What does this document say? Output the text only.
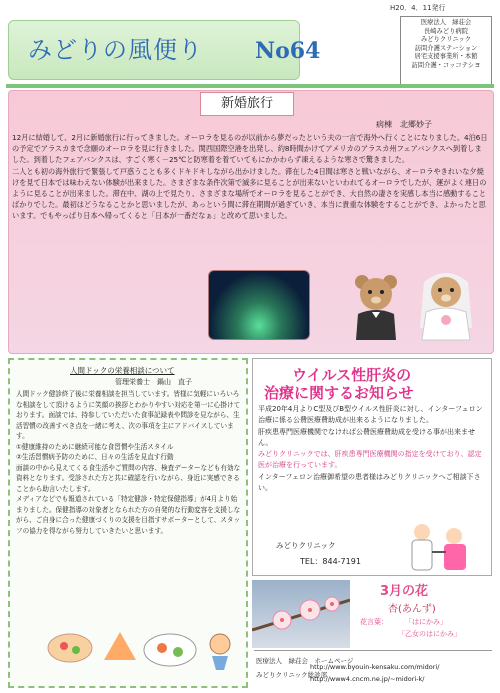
H20．4．11発行
みどりの風便り No64
医療法人　緑荘会
長崎みどり病院
みどりクリニック
訪問介護ステーション
居宅支援事業所・本館
訪問介護・コッコテシヨ
新婚旅行
病棟　北郷妙子

12月に結婚して、2月に新婚旅行に行ってきました。オーロラを見るのが以前から夢だったという夫の一言で海外へ行くことになりました。4泊6日の予定でアラスカまで念願のオーロラを見に行きました。関西国際空港を出発し、約8時間かけてアメリカのアラスカ州フェアバンクスへ到着しました。到着したフェアバンクスは、すごく寒く－25℃と防寒着を着ていてもにかかわらず凍えるような寒さで驚きました。

二人とも初の海外旅行で緊張して戸惑うことも多くドキドキしながら出かけました。滞在した4日間は寒さと戦いながら、オーロラやきれいな夕焼けを見て日本では味わえない体験が出来ました。さまざまな条件次第で滅多に見ることが出来ないといわれてるオーロラでしたが、運がよく連日のように見ることが出来ました。滞在中、湖の上で見たり、さまざまな場所でオーロラを見ることができ、大自然の凄さを実感し本当に感動することばかりでした。最初はどうなることかと思いましたが、あっという間に滞在期間が過ぎていき、本当に貴重な体験をすることができ、よかったと思います。でもやっぱり日本へ帰ってくると「日本が一番だなぁ」と改めて思いました。

人間ドックの栄養相談について
管理栄養士　鍋山　直子

人間ドック健診終了後に栄養相談を担当しています。皆様に気軽にいろいろな相談をして頂けるように笑顔の挨拶とわかりやすい対応を第一に心掛けております。面談では、持参していただいた食事記録表や問診を見ながら、生活習慣の改善すべき点を一緒に考え、次の事項を主にアドバイスしています。

①健康維持のために継続可能な食習慣や生活スタイル

②生活習慣病予防のために、日々の生活を見直す行動

面談の中から見えてくる食生活やご質問の内容、検査データーなども有効な資料となります。受診された方と共に確認を行いながら、身近に実感できることから助言いたします。

メディアなどでも報道されている「特定健診・特定保健指導」が4月より始まりました。保健指導の対象者となられた方の自発的な行動変容を支援しながら、ご自身に合った健康づくりの支援を目指すサポーターとして、スタッフの協力を得ながら努力していきたいと思います。

ウイルス性肝炎の
治療に関するお知らせ

平成20年4月よりC型及びB型ウイルス性肝炎に対し、インターフェロン治療に係る公費医療費助成が出来るようになりました。

肝疾患専門医療機関でなければ公費医療費助成を受ける事が出来ません。

みどりクリニックでは、肝疾患専門医療機関の指定を受けており、認定医が治療を行っています。

インターフェロン治療御希望の患者様はみどりクリニックへご相談下さい。

みどりクリニック
TEL：844-7191
3月の花
杏(あんず)
花言葉： 「はにかみ」
「乙女のはにかみ」
医療法人　緑荘会　ホームページ
みどりクリニック総診部
http://www.byouin-kensaku.com/midori/
http://www4.cncm.ne.jp/~midori-k/
